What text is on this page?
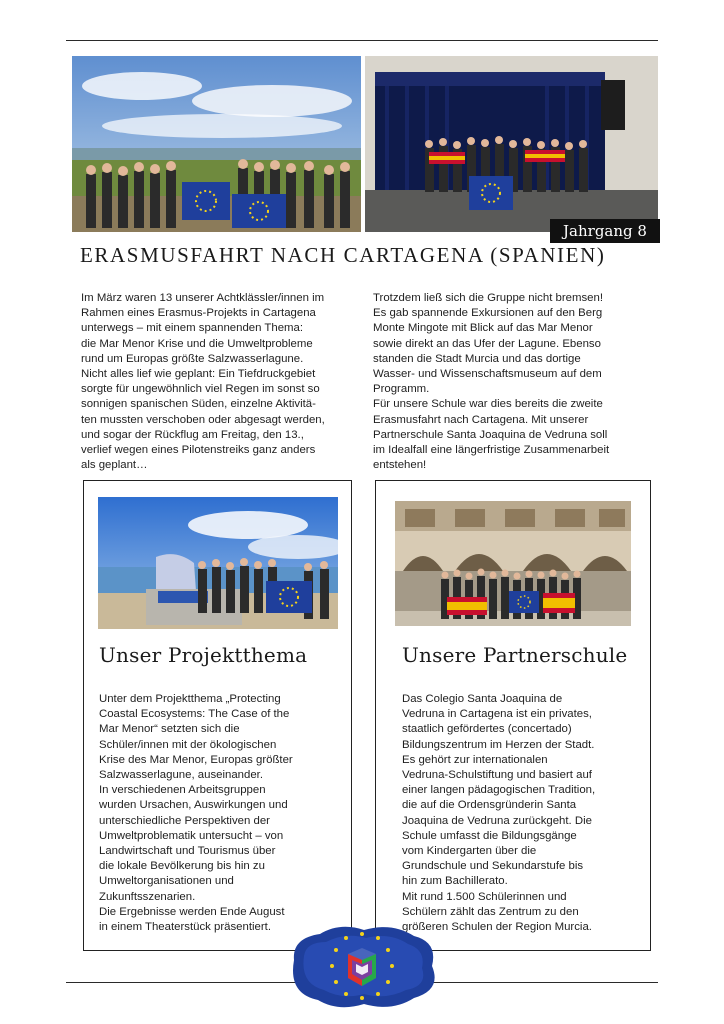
Jahrgang 8
ERASMUSFAHRT NACH CARTAGENA (SPANIEN)

Im März waren 13 unserer Achtklässler/innen im
Rahmen eines Erasmus-Projekts in Cartagena
unterwegs – mit einem spannenden Thema:
die Mar Menor Krise und die Umweltprobleme
rund um Europas größte Salzwasserlagune.
Nicht alles lief wie geplant: Ein Tiefdruckgebiet
sorgte für ungewöhnlich viel Regen im sonst so
sonnigen spanischen Süden, einzelne Aktivitä-
ten mussten verschoben oder abgesagt werden,
und sogar der Rückflug am Freitag, den 13.,
verlief wegen eines Pilotenstreiks ganz anders
als geplant…

Trotzdem ließ sich die Gruppe nicht bremsen!
Es gab spannende Exkursionen auf den Berg
Monte Mingote mit Blick auf das Mar Menor
sowie direkt an das Ufer der Lagune. Ebenso
standen die Stadt Murcia und das dortige
Wasser- und Wissenschaftsmuseum auf dem
Programm.
Für unsere Schule war dies bereits die zweite
Erasmusfahrt nach Cartagena. Mit unserer
Partnerschule Santa Joaquina de Vedruna soll
im Idealfall eine längerfristige Zusammenarbeit
entstehen!

Unser Projektthema

Unter dem Projektthema „Protecting
Coastal Ecosystems: The Case of the
Mar Menor“ setzten sich die
Schüler/innen mit der ökologischen
Krise des Mar Menor, Europas größter
Salzwasserlagune, auseinander.
In verschiedenen Arbeitsgruppen
wurden Ursachen, Auswirkungen und
unterschiedliche Perspektiven der
Umweltproblematik untersucht – von
Landwirtschaft und Tourismus über
die lokale Bevölkerung bis hin zu
Umweltorganisationen und
Zukunftsszenarien.
Die Ergebnisse werden Ende August
in einem Theaterstück präsentiert.

Unsere Partnerschule

Das Colegio Santa Joaquina de
Vedruna in Cartagena ist ein privates,
staatlich gefördertes (concertado)
Bildungszentrum im Herzen der Stadt.
Es gehört zur internationalen
Vedruna-Schulstiftung und basiert auf
einer langen pädagogischen Tradition,
die auf die Ordensgründerin Santa
Joaquina de Vedruna zurückgeht. Die
Schule umfasst die Bildungsgänge
vom Kindergarten über die
Grundschule und Sekundarstufe bis
hin zum Bachillerato.
Mit rund 1.500 Schülerinnen und
Schülern zählt das Zentrum zu den
größeren Schulen der Region Murcia.
